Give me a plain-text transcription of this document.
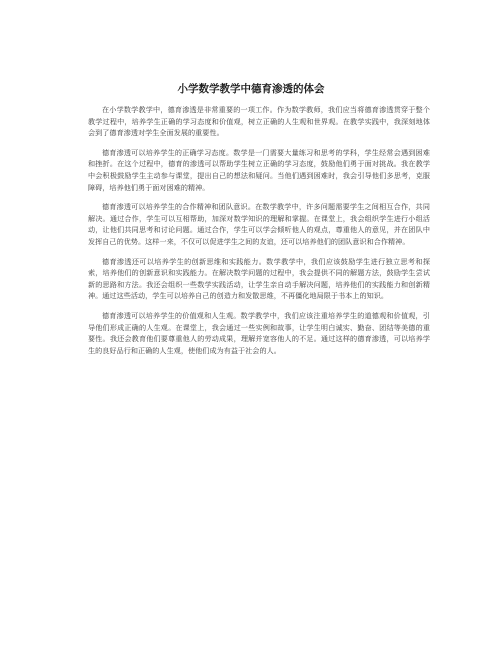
小学数学教学中德育渗透的体会

在小学数学教学中，德育渗透是非常重要的一项工作。作为数学教师，我们应当将德育渗透贯穿于整个教学过程中，培养学生正确的学习态度和价值观，树立正确的人生观和世界观。在教学实践中，我深刻地体会到了德育渗透对学生全面发展的重要性。

德育渗透可以培养学生的正确学习态度。数学是一门需要大量练习和思考的学科，学生经常会遇到困难和挫折。在这个过程中，德育的渗透可以帮助学生树立正确的学习态度，鼓励他们勇于面对挑战。我在教学中会积极鼓励学生主动参与课堂，提出自己的想法和疑问。当他们遇到困难时，我会引导他们多思考，克服障碍，培养他们勇于面对困难的精神。

德育渗透可以培养学生的合作精神和团队意识。在数学教学中，许多问题需要学生之间相互合作，共同解决。通过合作，学生可以互相帮助，加深对数学知识的理解和掌握。在课堂上，我会组织学生进行小组活动，让他们共同思考和讨论问题。通过合作，学生可以学会倾听他人的观点，尊重他人的意见，并在团队中发挥自己的优势。这样一来，不仅可以促进学生之间的友谊，还可以培养他们的团队意识和合作精神。

德育渗透还可以培养学生的创新思维和实践能力。数学教学中，我们应该鼓励学生进行独立思考和探索，培养他们的创新意识和实践能力。在解决数学问题的过程中，我会提供不同的解题方法，鼓励学生尝试新的思路和方法。我还会组织一些数学实践活动，让学生亲自动手解决问题，培养他们的实践能力和创新精神。通过这些活动，学生可以培养自己的创造力和发散思维，不再僵化地局限于书本上的知识。

德育渗透可以培养学生的价值观和人生观。数学教学中，我们应该注重培养学生的道德观和价值观，引导他们形成正确的人生观。在课堂上，我会通过一些实例和故事，让学生明白诚实、勤奋、团结等美德的重要性。我还会教育他们要尊重他人的劳动成果，理解并宽容他人的不足。通过这样的德育渗透，可以培养学生的良好品行和正确的人生观，使他们成为有益于社会的人。
